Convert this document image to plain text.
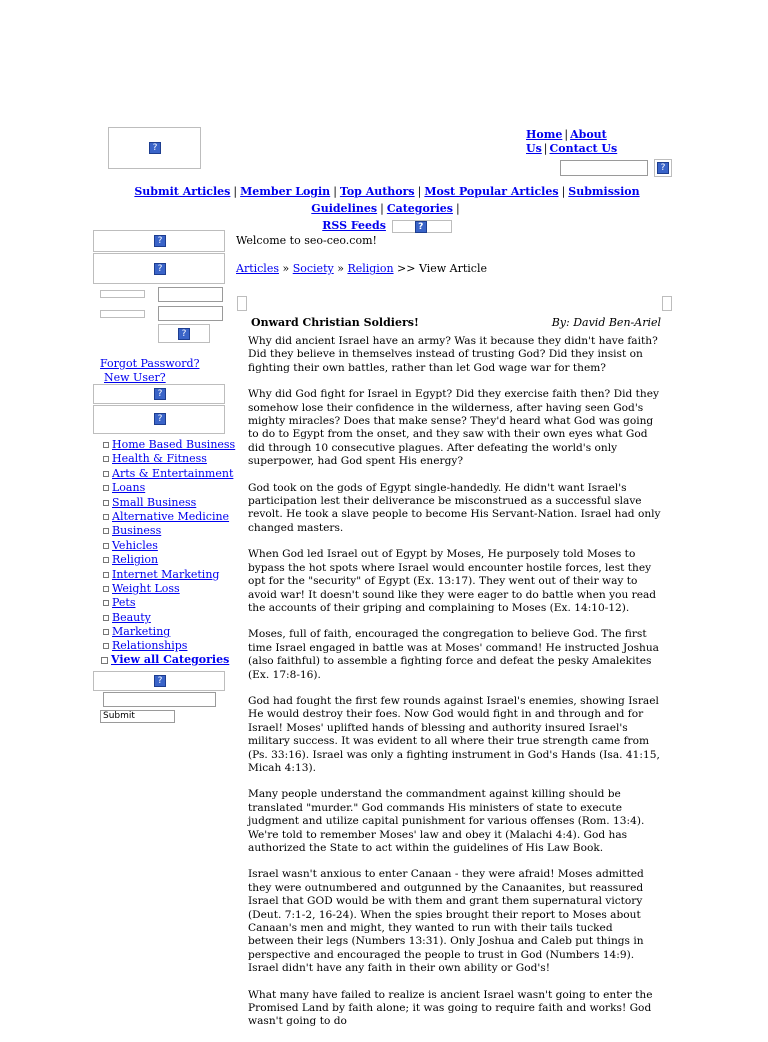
?
Home | About Us | Contact Us
?
Submit Articles | Member Login | Top Authors | Most Popular Articles | Submission Guidelines | Categories |
RSS Feeds	?
?
?
?
Forgot Password? New User?
?
?
Home Based Business
Health & Fitness
Arts & Entertainment
Loans
Small Business
Alternative Medicine
Business
Vehicles
Religion
Internet Marketing
Weight Loss
Pets
Beauty
Marketing
Relationships
View all Categories
?
Submit
Welcome to seo-ceo.com!
Articles » Society » Religion >> View Article
Onward Christian Soldiers!	By: David Ben-Ariel

Why did ancient Israel have an army? Was it because they didn't have faith? Did they believe in themselves instead of trusting God? Did they insist on fighting their own battles, rather than let God wage war for them?

Why did God fight for Israel in Egypt? Did they exercise faith then? Did they somehow lose their confidence in the wilderness, after having seen God's mighty miracles? Does that make sense? They'd heard what God was going to do to Egypt from the onset, and they saw with their own eyes what God did through 10 consecutive plagues. After defeating the world's only superpower, had God spent His energy?

God took on the gods of Egypt single-handedly. He didn't want Israel's participation lest their deliverance be misconstrued as a successful slave revolt. He took a slave people to become His Servant-Nation. Israel had only changed masters.

When God led Israel out of Egypt by Moses, He purposely told Moses to bypass the hot spots where Israel would encounter hostile forces, lest they opt for the "security" of Egypt (Ex. 13:17). They went out of their way to avoid war! It doesn't sound like they were eager to do battle when you read the accounts of their griping and complaining to Moses (Ex. 14:10-12).

Moses, full of faith, encouraged the congregation to believe God. The first time Israel engaged in battle was at Moses' command! He instructed Joshua (also faithful) to assemble a fighting force and defeat the pesky Amalekites (Ex. 17:8-16).

God had fought the first few rounds against Israel's enemies, showing Israel He would destroy their foes. Now God would fight in and through and for Israel! Moses' uplifted hands of blessing and authority insured Israel's military success. It was evident to all where their true strength came from (Ps. 33:16). Israel was only a fighting instrument in God's Hands (Isa. 41:15, Micah 4:13).

Many people understand the commandment against killing should be translated "murder." God commands His ministers of state to execute judgment and utilize capital punishment for various offenses (Rom. 13:4). We're told to remember Moses' law and obey it (Malachi 4:4). God has authorized the State to act within the guidelines of His Law Book.

Israel wasn't anxious to enter Canaan - they were afraid! Moses admitted they were outnumbered and outgunned by the Canaanites, but reassured Israel that GOD would be with them and grant them supernatural victory (Deut. 7:1-2, 16-24). When the spies brought their report to Moses about Canaan's men and might, they wanted to run with their tails tucked between their legs (Numbers 13:31). Only Joshua and Caleb put things in perspective and encouraged the people to trust in God (Numbers 14:9). Israel didn't have any faith in their own ability or God's!

What many have failed to realize is ancient Israel wasn't going to enter the Promised Land by faith alone; it was going to require faith and works! God wasn't going to do
